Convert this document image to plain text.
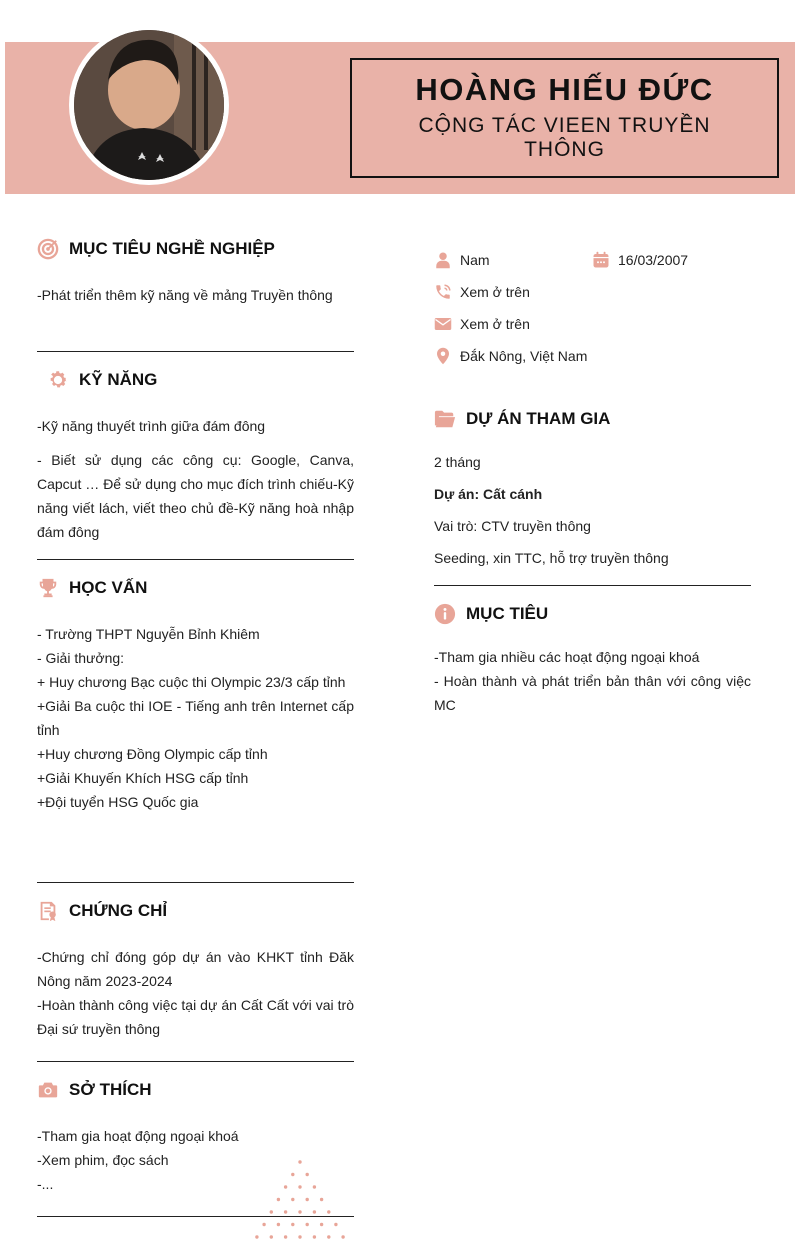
HOÀNG HIẾU ĐỨC
CỘNG TÁC VIEEN TRUYỀN THÔNG
MỤC TIÊU NGHỀ NGHIỆP
-Phát triển thêm kỹ năng về mảng Truyền thông
KỸ NĂNG
-Kỹ năng thuyết trình giữa đám đông
- Biết sử dụng các công cụ: Google, Canva, Capcut … Để sử dụng cho mục đích trình chiếu-Kỹ năng viết lách, viết theo chủ đề-Kỹ năng hoà nhập đám đông
HỌC VẤN
- Trường THPT Nguyễn Bỉnh Khiêm
- Giải thưởng:
+ Huy chương Bạc cuộc thi Olympic 23/3 cấp tỉnh
+Giải Ba cuộc thi IOE - Tiếng anh trên Internet cấp tỉnh
+Huy chương Đồng Olympic cấp tỉnh
+Giải Khuyến Khích HSG cấp tỉnh
+Đội tuyển HSG Quốc gia
CHỨNG CHỈ
-Chứng chỉ đóng góp dự án vào KHKT tỉnh Đăk Nông năm 2023-2024
-Hoàn thành công việc tại dự án Cất Cất với vai trò Đại sứ truyền thông
SỞ THÍCH
-Tham gia hoạt động ngoại khoá
-Xem phim, đọc sách
-...
Nam	16/03/2007
Xem ở trên
Xem ở trên
Đắk Nông, Việt Nam
DỰ ÁN THAM GIA
2 tháng
Dự án: Cất cánh
Vai trò: CTV truyền thông
Seeding, xin TTC, hỗ trợ truyền thông
MỤC TIÊU
-Tham gia nhiều các hoạt động ngoại khoá
- Hoàn thành và phát triển bản thân với công việc MC
